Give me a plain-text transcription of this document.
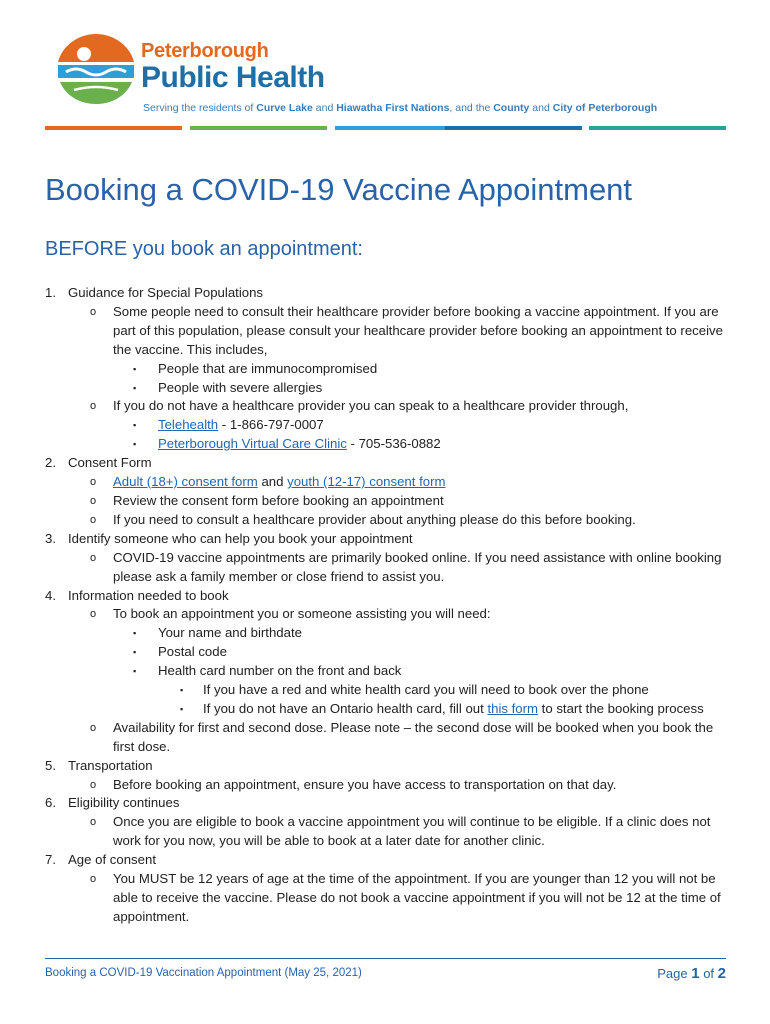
Peterborough
Public Health
Serving the residents of Curve Lake and Hiawatha First Nations, and the County and City of Peterborough
Booking a COVID-19 Vaccine Appointment
BEFORE you book an appointment:
1. Guidance for Special Populations
o Some people need to consult their healthcare provider before booking a vaccine appointment. If you are part of this population, please consult your healthcare provider before booking an appointment to receive the vaccine. This includes,
▪ People that are immunocompromised
▪ People with severe allergies
o If you do not have a healthcare provider you can speak to a healthcare provider through,
▪ Telehealth - 1-866-797-0007
▪ Peterborough Virtual Care Clinic - 705-536-0882
2. Consent Form
o Adult (18+) consent form and youth (12-17) consent form
o Review the consent form before booking an appointment
o If you need to consult a healthcare provider about anything please do this before booking.
3. Identify someone who can help you book your appointment
o COVID-19 vaccine appointments are primarily booked online. If you need assistance with online booking please ask a family member or close friend to assist you.
4. Information needed to book
o To book an appointment you or someone assisting you will need:
▪ Your name and birthdate
▪ Postal code
▪ Health card number on the front and back
▪ If you have a red and white health card you will need to book over the phone
▪ If you do not have an Ontario health card, fill out this form to start the booking process
o Availability for first and second dose. Please note – the second dose will be booked when you book the first dose.
5. Transportation
o Before booking an appointment, ensure you have access to transportation on that day.
6. Eligibility continues
o Once you are eligible to book a vaccine appointment you will continue to be eligible. If a clinic does not work for you now, you will be able to book at a later date for another clinic.
7. Age of consent
o You MUST be 12 years of age at the time of the appointment. If you are younger than 12 you will not be able to receive the vaccine. Please do not book a vaccine appointment if you will not be 12 at the time of appointment.
Booking a COVID-19 Vaccination Appointment (May 25, 2021)	Page 1 of 2
